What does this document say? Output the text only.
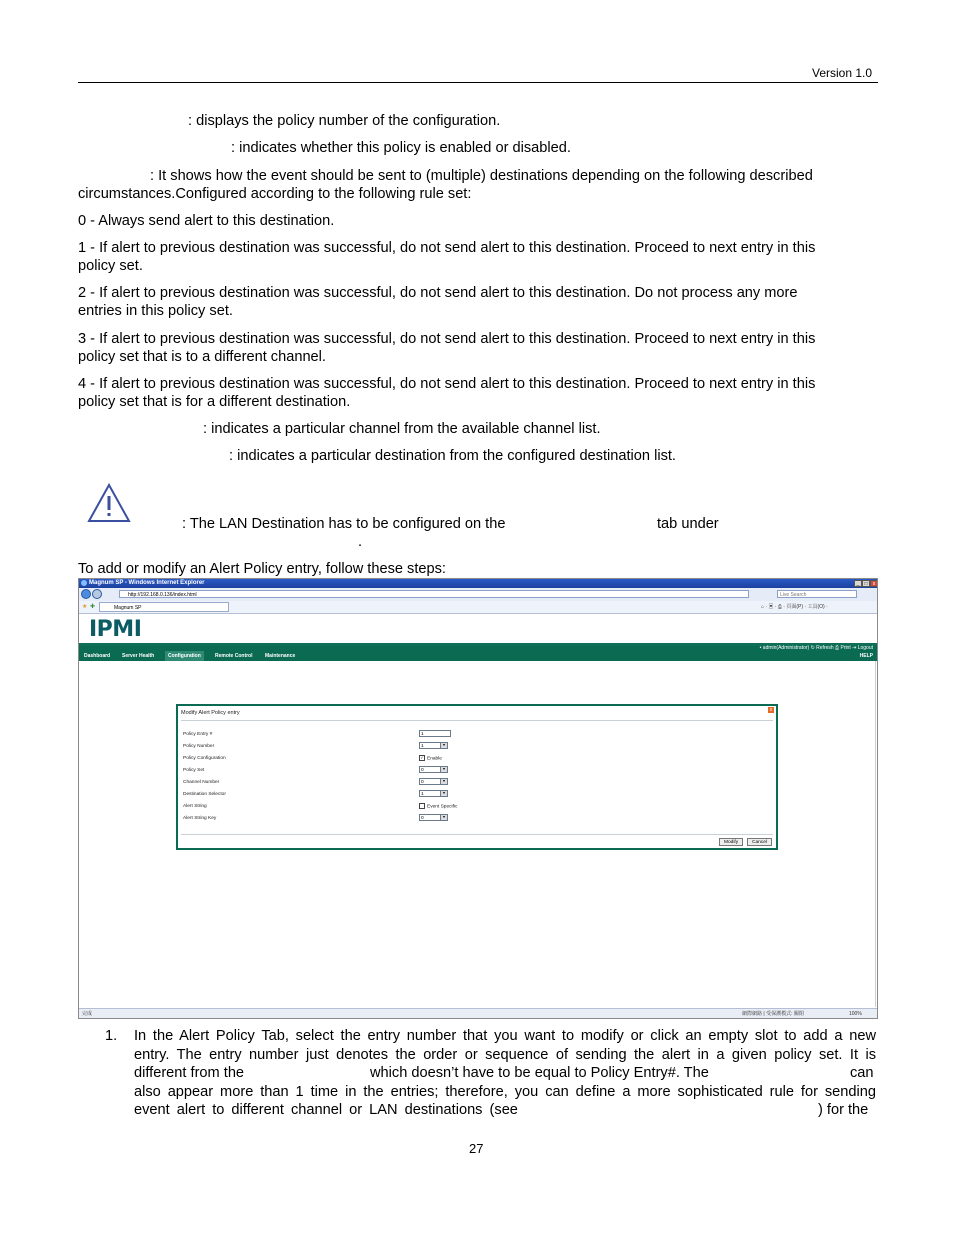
Version 1.0
: displays the policy number of the configuration.
: indicates whether this policy is enabled or disabled.
: It shows how the event should be sent to (multiple) destinations depending on the following described
circumstances.Configured according to the following rule set:
0 - Always send alert to this destination.
1 - If alert to previous destination was successful, do not send alert to this destination. Proceed to next entry in this
policy set.
2 - If alert to previous destination was successful, do not send alert to this destination. Do not process any more
entries in this policy set.
3 - If alert to previous destination was successful, do not send alert to this destination. Proceed to next entry in this
policy set that is to a different channel.
4 - If alert to previous destination was successful, do not send alert to this destination. Proceed to next entry in this
policy set that is for a different destination.
: indicates a particular channel from the available channel list.
: indicates a particular destination from the configured destination list.
: The LAN Destination has to be configured on the	tab under
.
To add or modify an Alert Policy entry, follow these steps:
Magnum SP - Windows Internet Explorer	_	□	x
http://192.168.0.136/index.html	Live Search
★ ✚	Magnum SP	⌂ · ▣ · ⎙ · 頁面(P) · 工具(O) ·
IPMI
• admin(Administrator) ↻ Refresh ⎙ Print ⇥ Logout
Dashboard	Server Health	Configuration	Remote Control	Maintenance	HELP
Modify Alert Policy entry	x
Policy Entry #	1
Policy Number	1	▼
Policy Configuration	✓ Enable
Policy Set	0	▼
Channel Number	0	▼
Destination Selector	1	▼
Alert String	Event Specific
Alert String Key	0	▼
Modify	Cancel
完成	網際網路 | 受保護模式: 關閉	100%
1. In the Alert Policy Tab, select the entry number that you want to modify or click an empty slot to add a new
entry. The entry number just denotes the order or sequence of sending the alert in a given policy set. It is
different from the	which doesn’t have to be equal to Policy Entry#. The	can
also appear more than 1 time in the entries; therefore, you can define a more sophisticated rule for sending
event alert to different channel or LAN destinations (see	) for the
27
